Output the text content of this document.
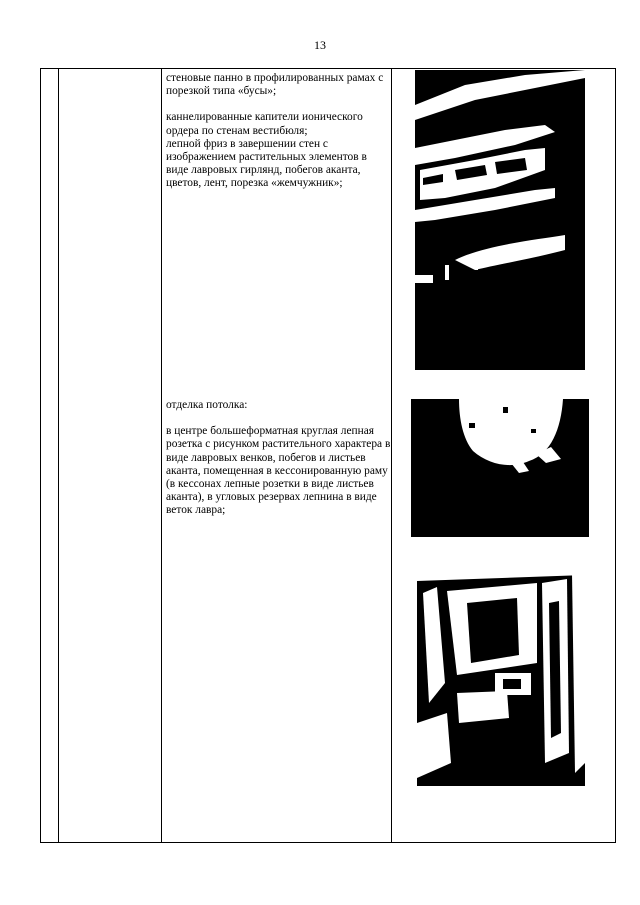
13

стеновые панно в профилированных рамах с порезкой типа «бусы»;

каннелированные капители ионического ордера по стенам вестибюля;

лепной фриз в завершении стен с изображением растительных элементов в виде лавровых гирлянд, побегов аканта, цветов, лент, порезка «жемчужник»;

отделка потолка:

в центре большеформатная круглая лепная розетка с рисунком растительного характера в виде лавровых венков, побегов и листьев аканта, помещенная в кессонированную раму (в кессонах лепные розетки в виде листьев аканта), в угловых резервах лепнина в виде веток лавра;
